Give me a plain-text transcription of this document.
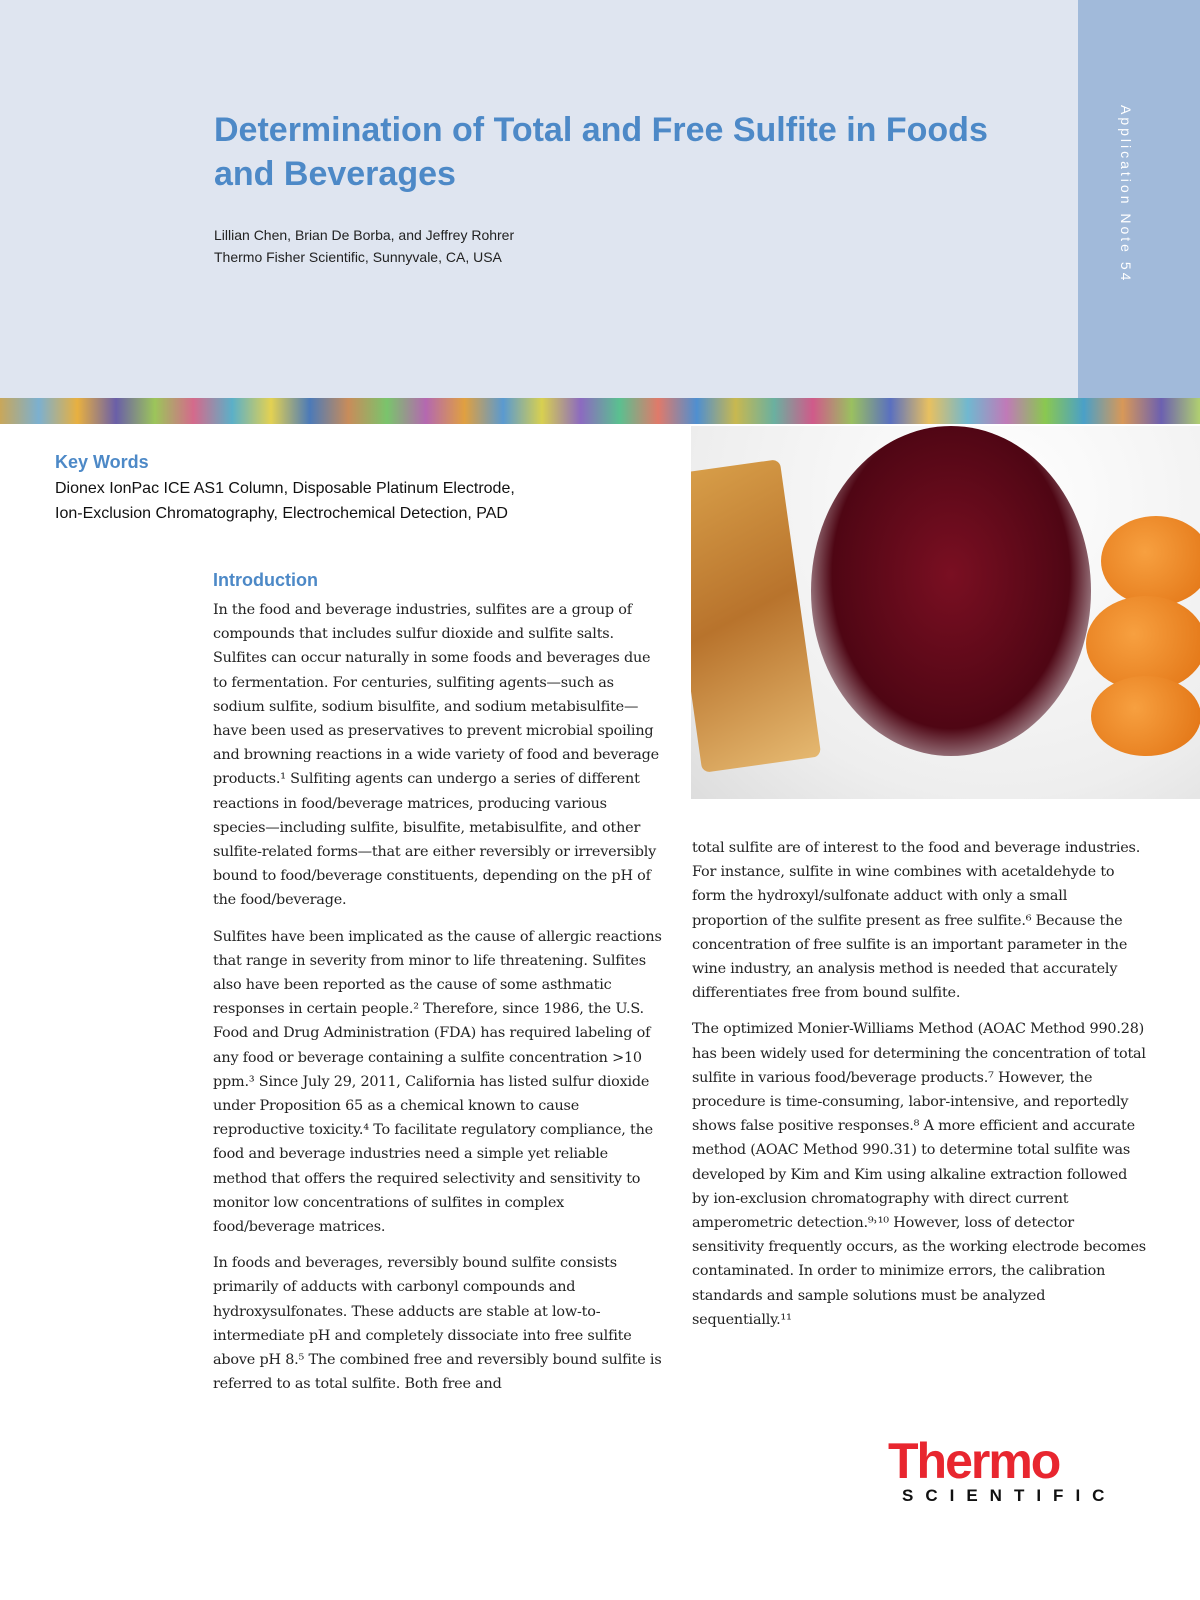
Application Note 54
Determination of Total and Free Sulfite in Foods and Beverages
Lillian Chen, Brian De Borba, and Jeffrey Rohrer
Thermo Fisher Scientific, Sunnyvale, CA, USA
Key Words
Dionex IonPac ICE AS1 Column, Disposable Platinum Electrode,
Ion-Exclusion Chromatography, Electrochemical Detection, PAD
Introduction

In the food and beverage industries, sulfites are a group of compounds that includes sulfur dioxide and sulfite salts. Sulfites can occur naturally in some foods and beverages due to fermentation. For centuries, sulfiting agents—such as sodium sulfite, sodium bisulfite, and sodium metabisulfite—have been used as preservatives to prevent microbial spoiling and browning reactions in a wide variety of food and beverage products.¹ Sulfiting agents can undergo a series of different reactions in food/beverage matrices, producing various species—including sulfite, bisulfite, metabisulfite, and other sulfite-related forms—that are either reversibly or irreversibly bound to food/beverage constituents, depending on the pH of the food/beverage.

Sulfites have been implicated as the cause of allergic reactions that range in severity from minor to life threatening. Sulfites also have been reported as the cause of some asthmatic responses in certain people.² Therefore, since 1986, the U.S. Food and Drug Administration (FDA) has required labeling of any food or beverage containing a sulfite concentration >10 ppm.³ Since July 29, 2011, California has listed sulfur dioxide under Proposition 65 as a chemical known to cause reproductive toxicity.⁴ To facilitate regulatory compliance, the food and beverage industries need a simple yet reliable method that offers the required selectivity and sensitivity to monitor low concentrations of sulfites in complex food/beverage matrices.

In foods and beverages, reversibly bound sulfite consists primarily of adducts with carbonyl compounds and hydroxysulfonates. These adducts are stable at low-to-intermediate pH and completely dissociate into free sulfite above pH 8.⁵ The combined free and reversibly bound sulfite is referred to as total sulfite. Both free and

total sulfite are of interest to the food and beverage industries. For instance, sulfite in wine combines with acetaldehyde to form the hydroxyl/sulfonate adduct with only a small proportion of the sulfite present as free sulfite.⁶ Because the concentration of free sulfite is an important parameter in the wine industry, an analysis method is needed that accurately differentiates free from bound sulfite.

The optimized Monier-Williams Method (AOAC Method 990.28) has been widely used for determining the concentration of total sulfite in various food/beverage products.⁷ However, the procedure is time-consuming, labor-intensive, and reportedly shows false positive responses.⁸ A more efficient and accurate method (AOAC Method 990.31) to determine total sulfite was developed by Kim and Kim using alkaline extraction followed by ion-exclusion chromatography with direct current amperometric detection.⁹˒¹⁰ However, loss of detector sensitivity frequently occurs, as the working electrode becomes contaminated. In order to minimize errors, the calibration standards and sample solutions must be analyzed sequentially.¹¹

Thermo
SCIENTIFIC
